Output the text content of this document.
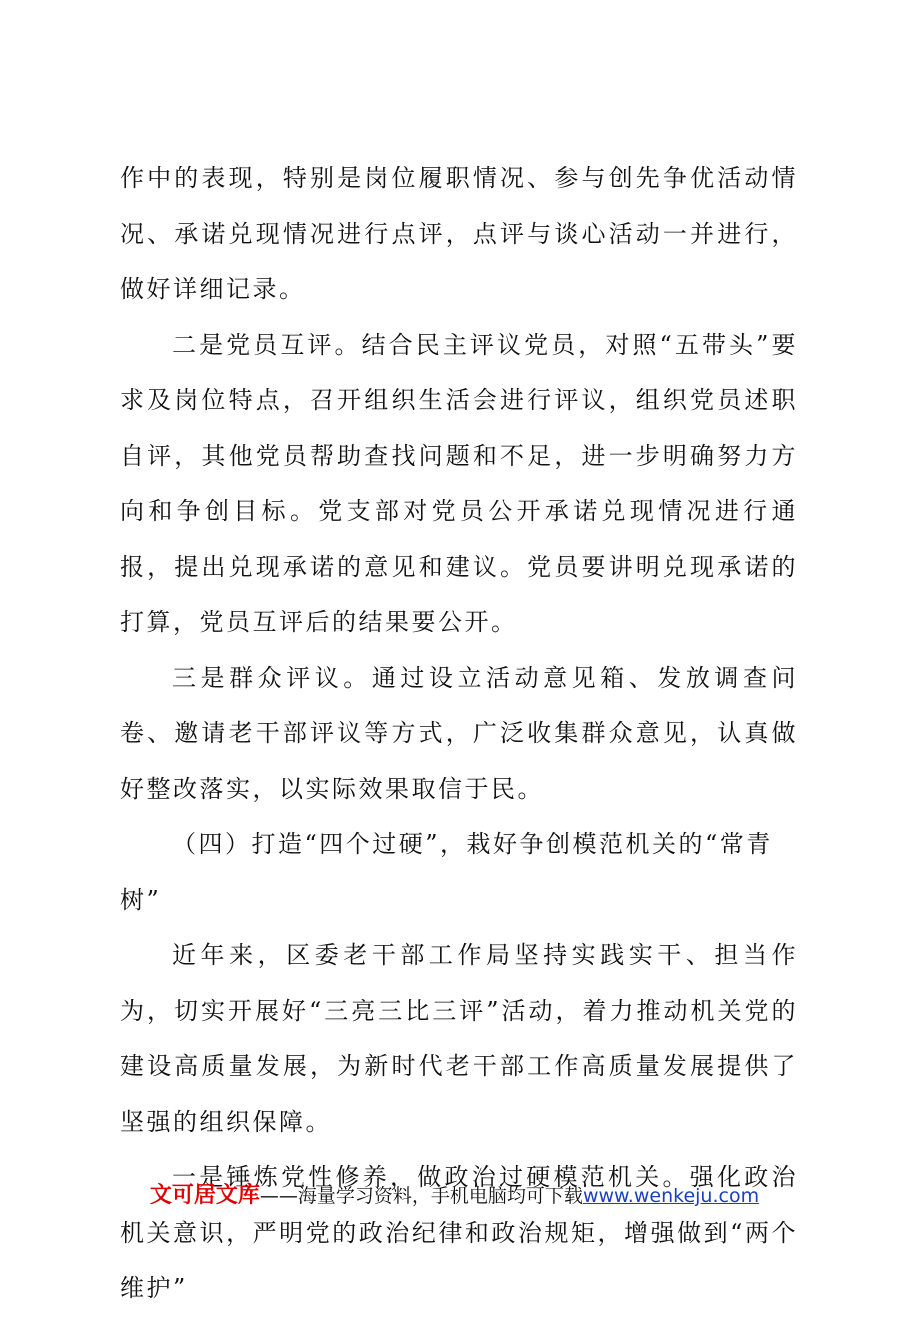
作中的表现，特别是岗位履职情况、参与创先争优活动情况、承诺兑现情况进行点评，点评与谈心活动一并进行，做好详细记录。

二是党员互评。结合民主评议党员，对照“五带头”要求及岗位特点，召开组织生活会进行评议，组织党员述职自评，其他党员帮助查找问题和不足，进一步明确努力方向和争创目标。党支部对党员公开承诺兑现情况进行通报，提出兑现承诺的意见和建议。党员要讲明兑现承诺的打算，党员互评后的结果要公开。

三是群众评议。通过设立活动意见箱、发放调查问卷、邀请老干部评议等方式，广泛收集群众意见，认真做好整改落实，以实际效果取信于民。

（四）打造“四个过硬”，栽好争创模范机关的“常青树”

近年来，区委老干部工作局坚持实践实干、担当作为，切实开展好“三亮三比三评”活动，着力推动机关党的建设高质量发展，为新时代老干部工作高质量发展提供了坚强的组织保障。

一是锤炼党性修养，做政治过硬模范机关。强化政治机关意识，严明党的政治纪律和政治规矩，增强做到“两个维护”

文可居文库——海量学习资料，手机电脑均可下载www.wenkeju.com
